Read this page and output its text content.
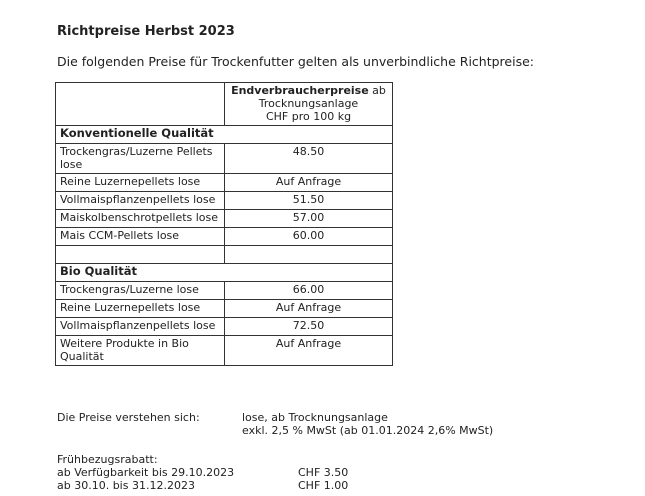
Richtpreise Herbst 2023
Die folgenden Preise für Trockenfutter gelten als unverbindliche Richtpreise:
	Endverbraucherpreise ab Trocknungsanlage
CHF pro 100 kg
Konventionelle Qualität	
Trockengras/Luzerne Pellets lose	48.50
Reine Luzernepellets lose	Auf Anfrage
Vollmaispflanzenpellets lose	51.50
Maiskolbenschrotpellets lose	57.00
Mais CCM-Pellets lose	60.00

Bio Qualität	
Trockengras/Luzerne lose	66.00
Reine Luzernepellets lose	Auf Anfrage
Vollmaispflanzenpellets lose	72.50
Weitere Produkte in Bio Qualität	Auf Anfrage
Die Preise verstehen sich:	lose, ab Trocknungsanlage
exkl. 2,5 % MwSt (ab 01.01.2024 2,6% MwSt)
Frühbezugsrabatt:
ab Verfügbarkeit bis 29.10.2023	CHF 3.50
ab 30.10. bis 31.12.2023	CHF 1.00
